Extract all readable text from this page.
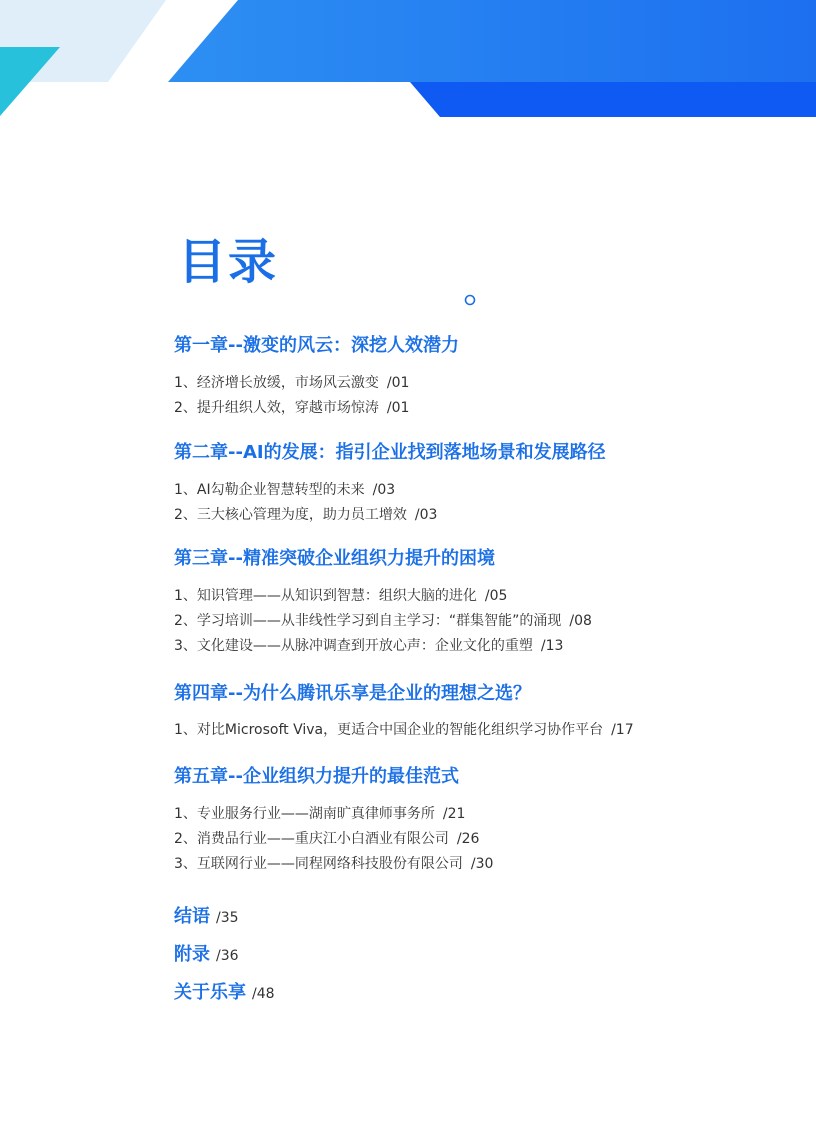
目录
第一章--激变的风云：深挖人效潜力

1、经济增长放缓，市场风云激变 /01

2、提升组织人效，穿越市场惊涛 /01

第二章--AI的发展：指引企业找到落地场景和发展路径

1、AI勾勒企业智慧转型的未来 /03

2、三大核心管理为度，助力员工增效 /03

第三章--精准突破企业组织力提升的困境

1、知识管理——从知识到智慧：组织大脑的进化 /05

2、学习培训——从非线性学习到自主学习：“群集智能”的涌现 /08

3、文化建设——从脉冲调查到开放心声：企业文化的重塑 /13

第四章--为什么腾讯乐享是企业的理想之选？

1、对比Microsoft Viva，更适合中国企业的智能化组织学习协作平台 /17

第五章--企业组织力提升的最佳范式

1、专业服务行业——湖南旷真律师事务所 /21

2、消费品行业——重庆江小白酒业有限公司 /26

3、互联网行业——同程网络科技股份有限公司 /30

结语 /35

附录 /36

关于乐享 /48
